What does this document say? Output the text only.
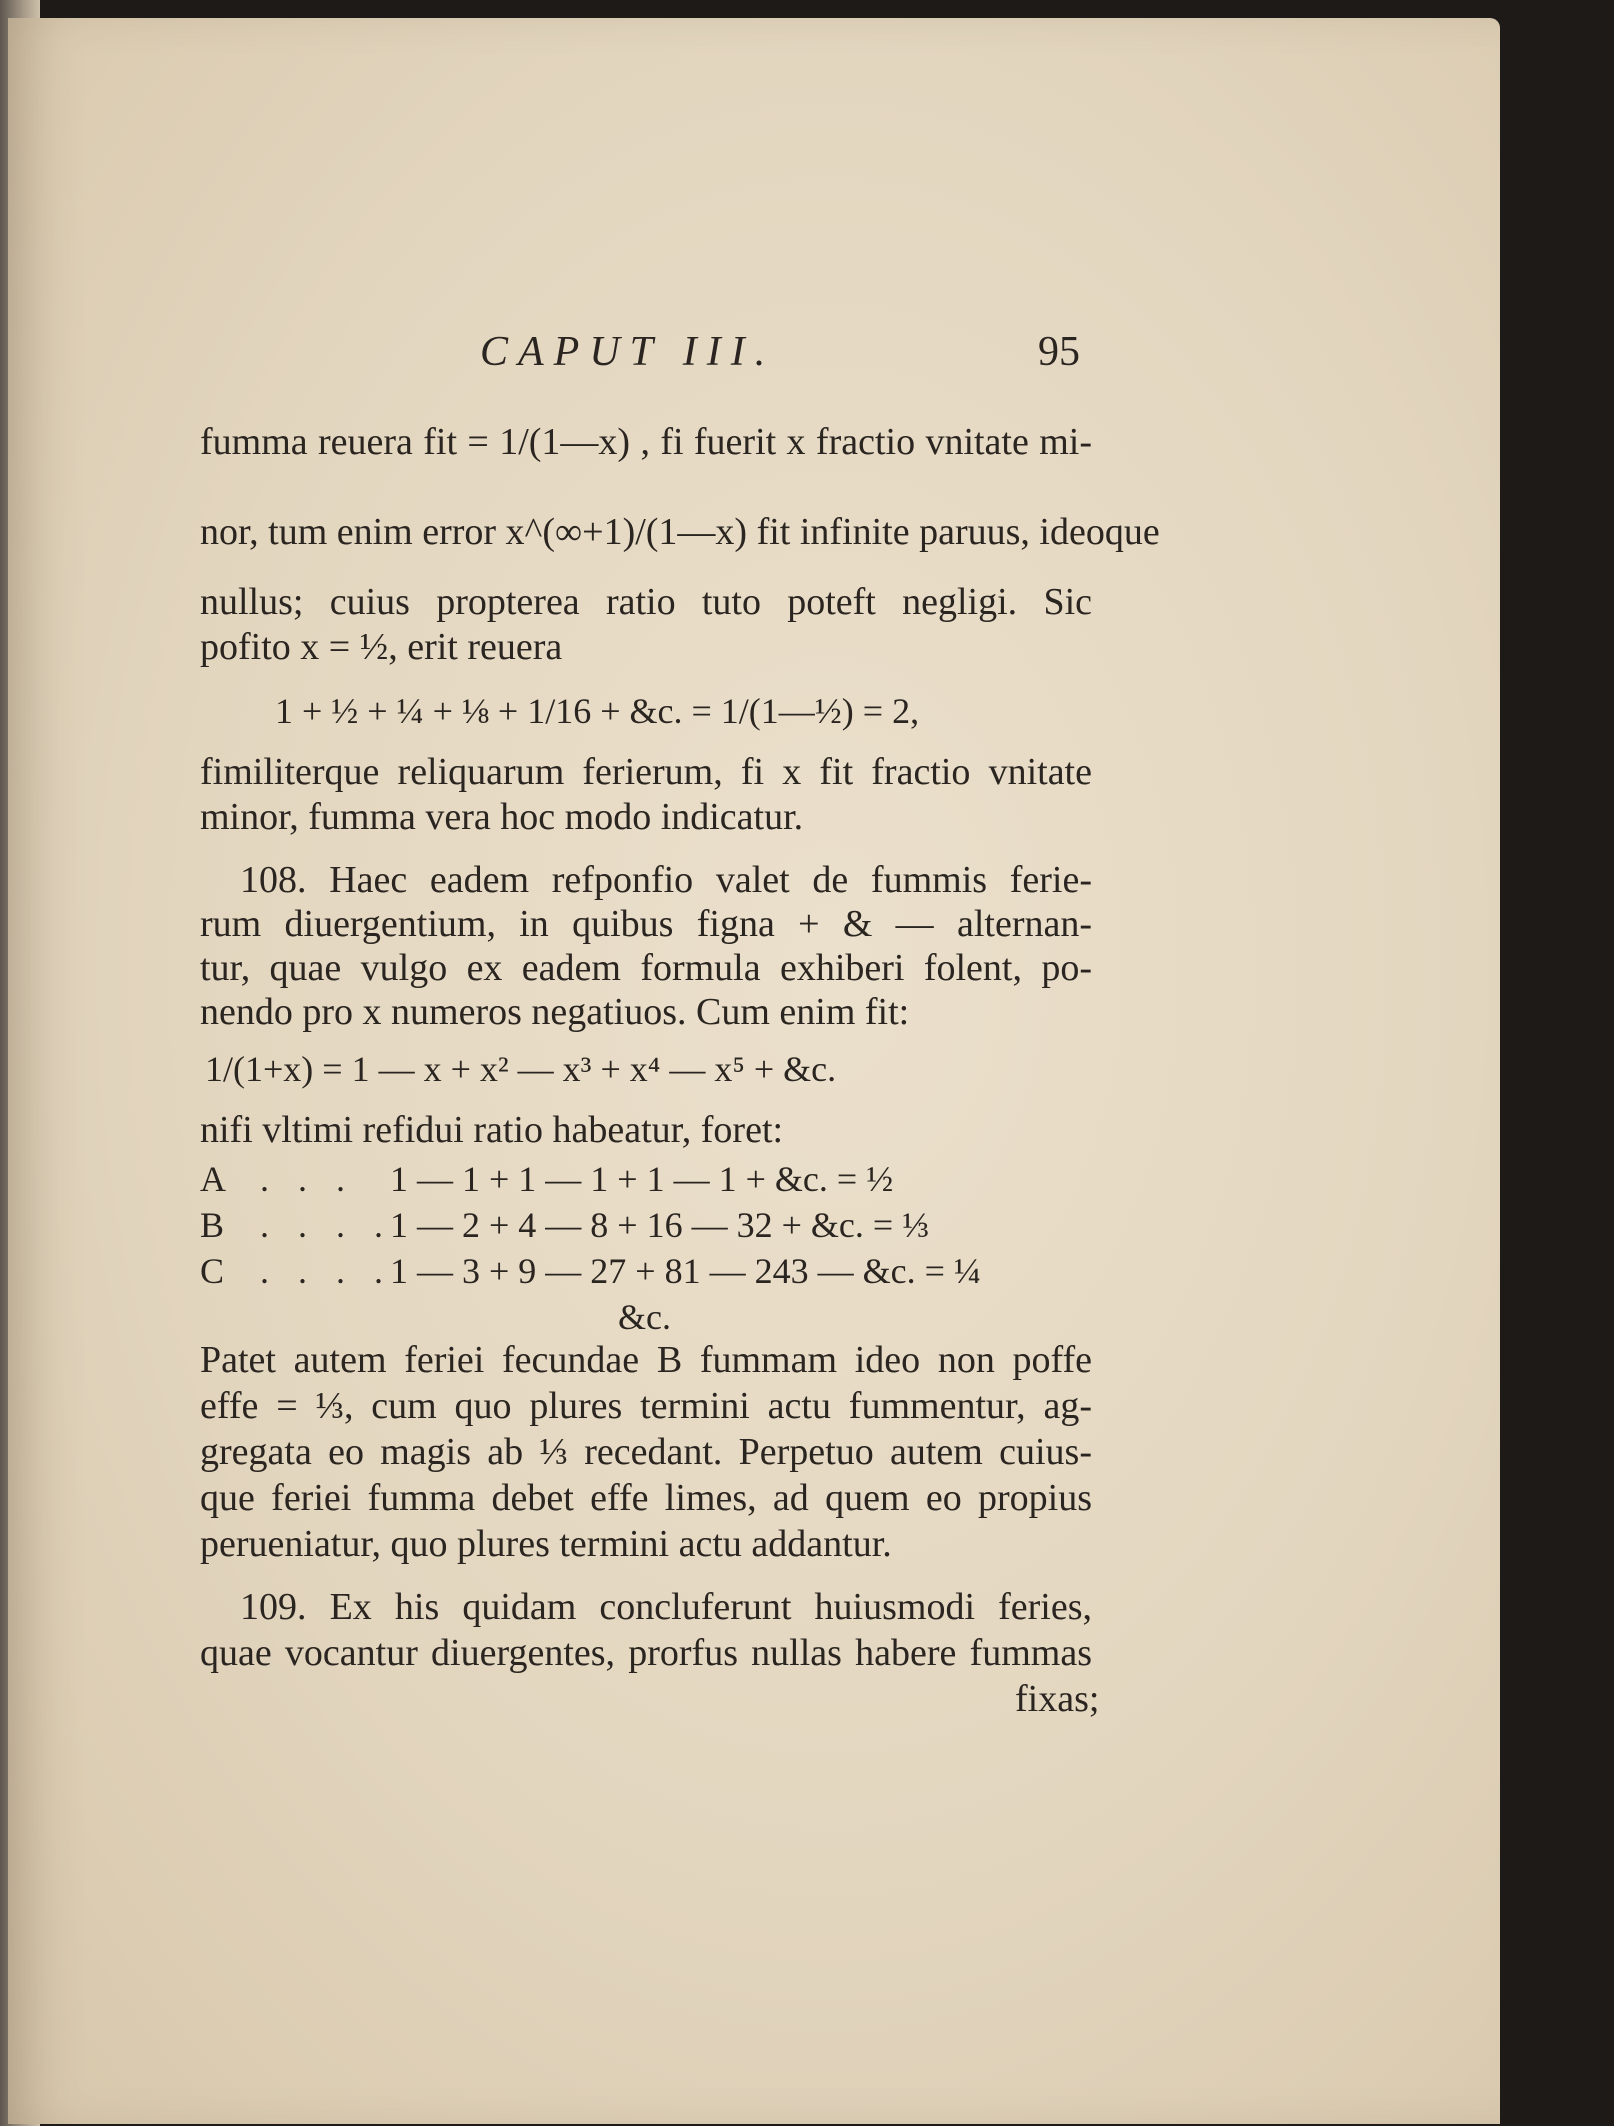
CAPUT III.	95
fumma reuera fit = 1/(1—x) , fi fuerit x fractio vnitate mi-
nor, tum enim error x^(∞+1)/(1—x) fit infinite paruus, ideoque
nullus; cuius propterea ratio tuto poteft negligi. Sic
pofito x = ½, erit reuera
1 + ½ + ¼ + ⅛ + 1/16 + &c. = 1/(1—½) = 2,
fimiliterque reliquarum ferierum, fi x fit fractio vnitate
minor, fumma vera hoc modo indicatur.
108. Haec eadem refponfio valet de fummis ferie-
rum diuergentium, in quibus figna + & — alternan-
tur, quae vulgo ex eadem formula exhiberi folent, po-
nendo pro x numeros negatiuos. Cum enim fit:
1/(1+x) = 1 — x + x² — x³ + x⁴ — x⁵ + &c.
nifi vltimi refidui ratio habeatur, foret:
A . . . 1 — 1 + 1 — 1 + 1 — 1 + &c. = ½
B . . . .1 — 2 + 4 — 8 + 16 — 32 + &c. = ⅓
C . . . .1 — 3 + 9 — 27 + 81 — 243 — &c. = ¼
&c.
Patet autem feriei fecundae B fummam ideo non poffe
effe = ⅓, cum quo plures termini actu fummentur, ag-
gregata eo magis ab ⅓ recedant. Perpetuo autem cuius-
que feriei fumma debet effe limes, ad quem eo propius
perueniatur, quo plures termini actu addantur.
109. Ex his quidam concluferunt huiusmodi feries,
quae vocantur diuergentes, prorfus nullas habere fummas
fixas;
